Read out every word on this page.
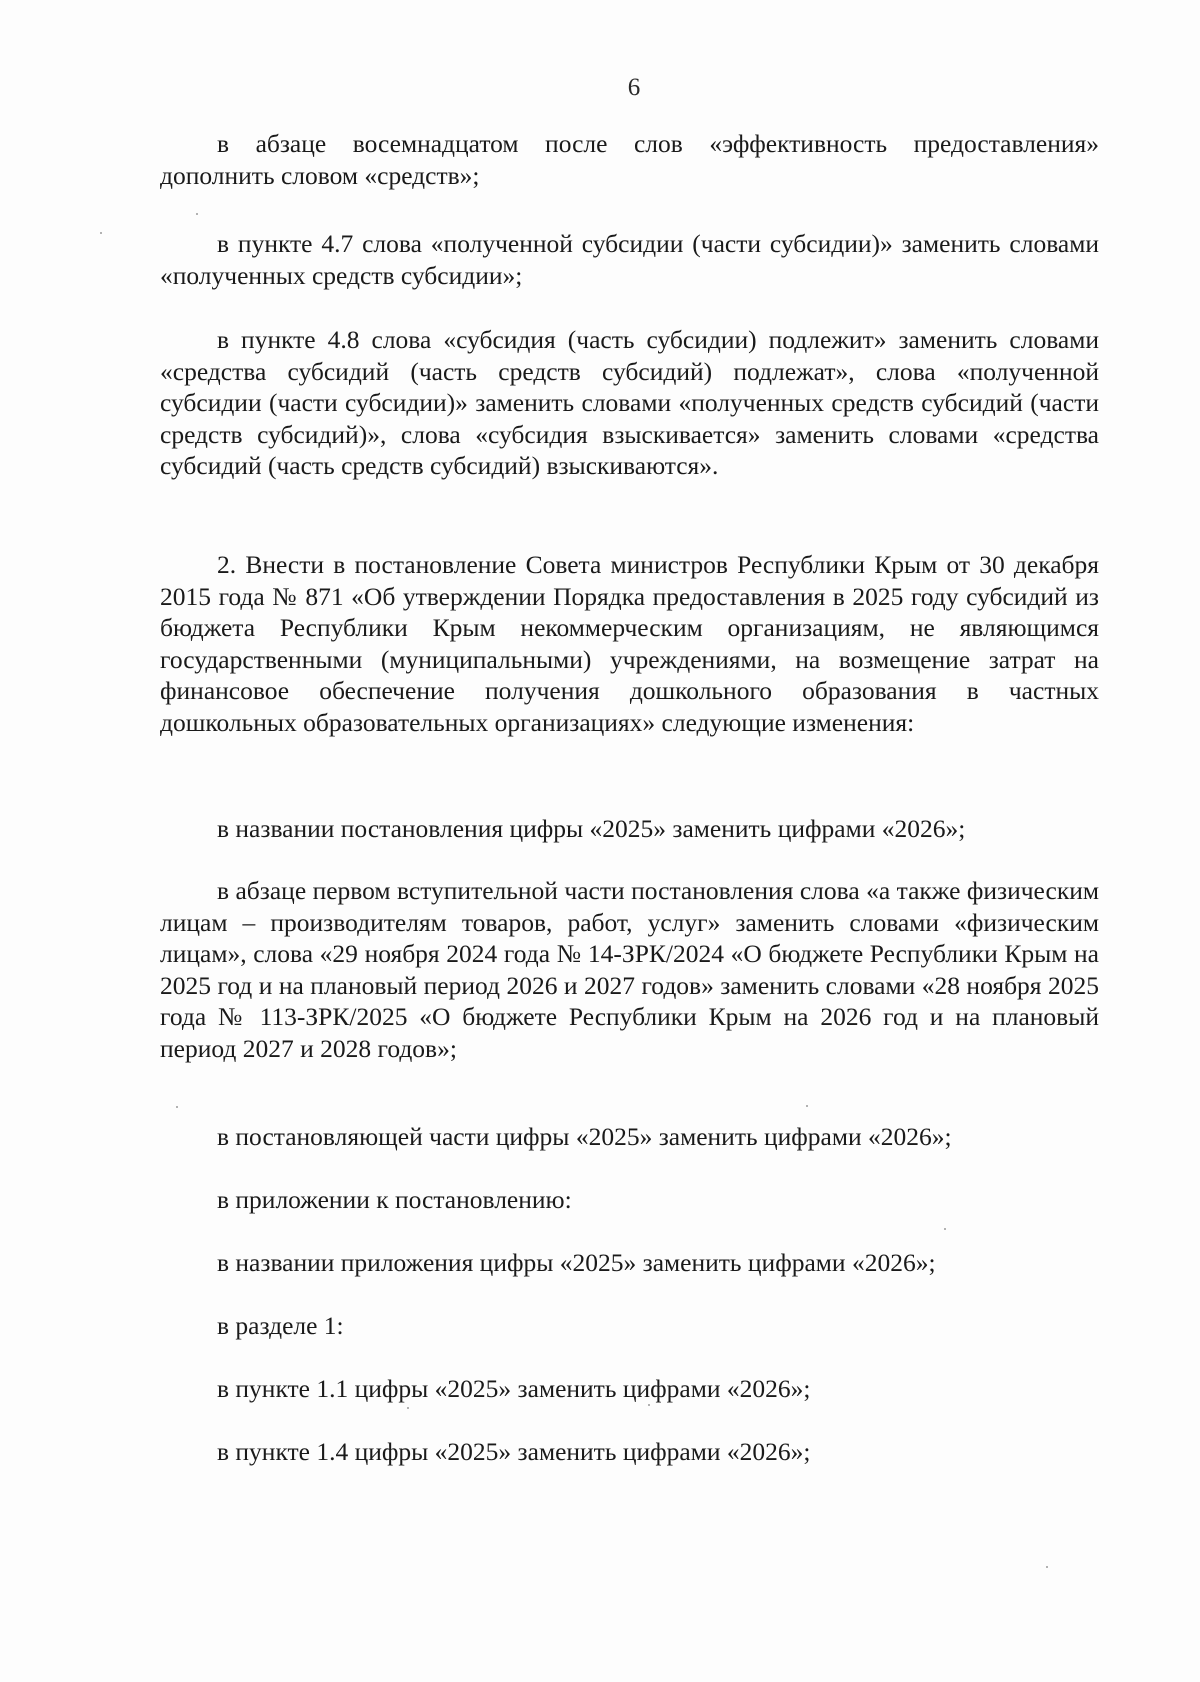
6

в абзаце восемнадцатом после слов «эффективность предоставления» дополнить словом «средств»;

в пункте 4.7 слова «полученной субсидии (части субсидии)» заменить словами «полученных средств субсидии»;

в пункте 4.8 слова «субсидия (часть субсидии) подлежит» заменить словами «средства субсидий (часть средств субсидий) подлежат», слова «полученной субсидии (части субсидии)» заменить словами «полученных средств субсидий (части средств субсидий)», слова «субсидия взыскивается» заменить словами «средства субсидий (часть средств субсидий) взыскиваются».

2. Внести в постановление Совета министров Республики Крым от 30 декабря 2015 года № 871 «Об утверждении Порядка предоставления в 2025 году субсидий из бюджета Республики Крым некоммерческим организациям, не являющимся государственными (муниципальными) учреждениями, на возмещение затрат на финансовое обеспечение получения дошкольного образования в частных дошкольных образовательных организациях» следующие изменения:

в названии постановления цифры «2025» заменить цифрами «2026»;

в абзаце первом вступительной части постановления слова «а также физическим лицам – производителям товаров, работ, услуг» заменить словами «физическим лицам», слова «29 ноября 2024 года № 14-ЗРК/2024 «О бюджете Республики Крым на 2025 год и на плановый период 2026 и 2027 годов» заменить словами «28 ноября 2025 года № 113-ЗРК/2025 «О бюджете Республики Крым на 2026 год и на плановый период 2027 и 2028 годов»;

в постановляющей части цифры «2025» заменить цифрами «2026»;

в приложении к постановлению:

в названии приложения цифры «2025» заменить цифрами «2026»;

в разделе 1:

в пункте 1.1 цифры «2025» заменить цифрами «2026»;

в пункте 1.4 цифры «2025» заменить цифрами «2026»;
